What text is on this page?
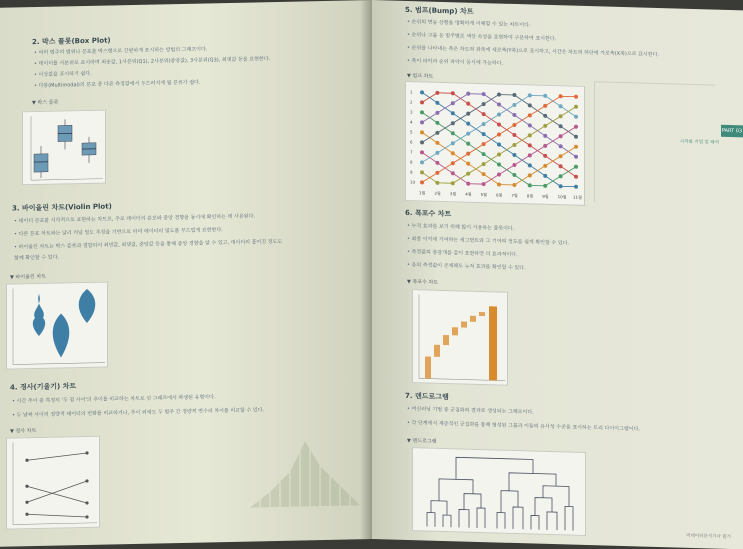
2. 박스 플롯(Box Plot)
• 여러 범주의 범위나 분포를 박스형으로 간편하게 표시하는 방법의 그래프이다.
• 데이터를 사분위로 표시하며 최솟값, 1사분위(Q1), 2사분위(중앙값), 3사분위(Q3), 최댓값 등을 표현한다.
• 이상값을 표시하기 쉽다.
• 다봉(Multimodal)의 분포 중 다른 측정값에서 두드러지게 됨 분류가 쉽다.
▼ 박스 플롯
3. 바이올린 차트(Violin Plot)
• 데이터 분포를 시각적으로 표현하는 차트로, 주로 데이터의 분포와 중앙 경향을 동시에 확인하는 데 사용된다.
• 다른 분포 차트와는 달리 커널 밀도 추정을 기반으로 하여 데이터의 밀도를 부드럽게 표현한다.
• 바이올린 차트는 박스 플롯과 결합되어 최빈값, 최댓값, 중앙값 등을 통해 중앙 경향을 알 수 있고, 데이터의 흩어진 정도도
함께 확인할 수 있다.
▼ 바이올린 차트
4. 경사(기울기) 차트
• 시간 추이 중 특정의 '두 점 사이'의 추이를 비교하는 차트로 선 그래프에서 파생된 유형이다.
• 두 날짜 사이의 정량적 데이터의 변화를 비교하거나, 추이 외에도 두 범주 간 정량적 변수의 차이를 비교할 수 있다.
▼ 경사 차트
5. 범프(Bump) 차트
• 순위의 변동 상황을 명확하게 이해할 수 있는 차트이다.
• 순위나 그룹 등 범주별로 색상 속성을 표현하여 구분하여 표시한다.
• 순위를 나타내는 축은 차트의 좌측에 세로축(Y축)으로 표시하고, 시간은 차트의 하단에 가로축(X축)으로 표시한다.
• 축이 파악과 순위 파악이 동시에 가능하다.
▼ 범프 차트
1
2
3
4
5
6
7
8
9
10
1월 2월 3월 4월 5월 6월 7월 8월 9월 10월 11월
6. 폭포수 차트
• 누적 효과를 보기 위해 많이 사용하는 플롯이다.
• 최종 이익에 기여하는 세그먼트와 그 기여의 정도를 쉽게 확인할 수 있다.
• 측정값의 증감개를 같이 표현하면 더 효과적이다.
• 음의 측정값이 존재해도 누적 효과를 확인할 수 있다.
▼ 폭포수 차트
7. 덴드로그램
• 머신러닝 기법 중 군집화의 결과로 생성되는 그래프이다.
• 각 단계에서 계층적인 군집화를 통해 형성된 그룹과 이들의 유사성 수준을 표시하는 트리 다이어그램이다.
▼ 덴드로그램
PART 03
시각화 기법 및 해석
빅데이터분석기사 필기
